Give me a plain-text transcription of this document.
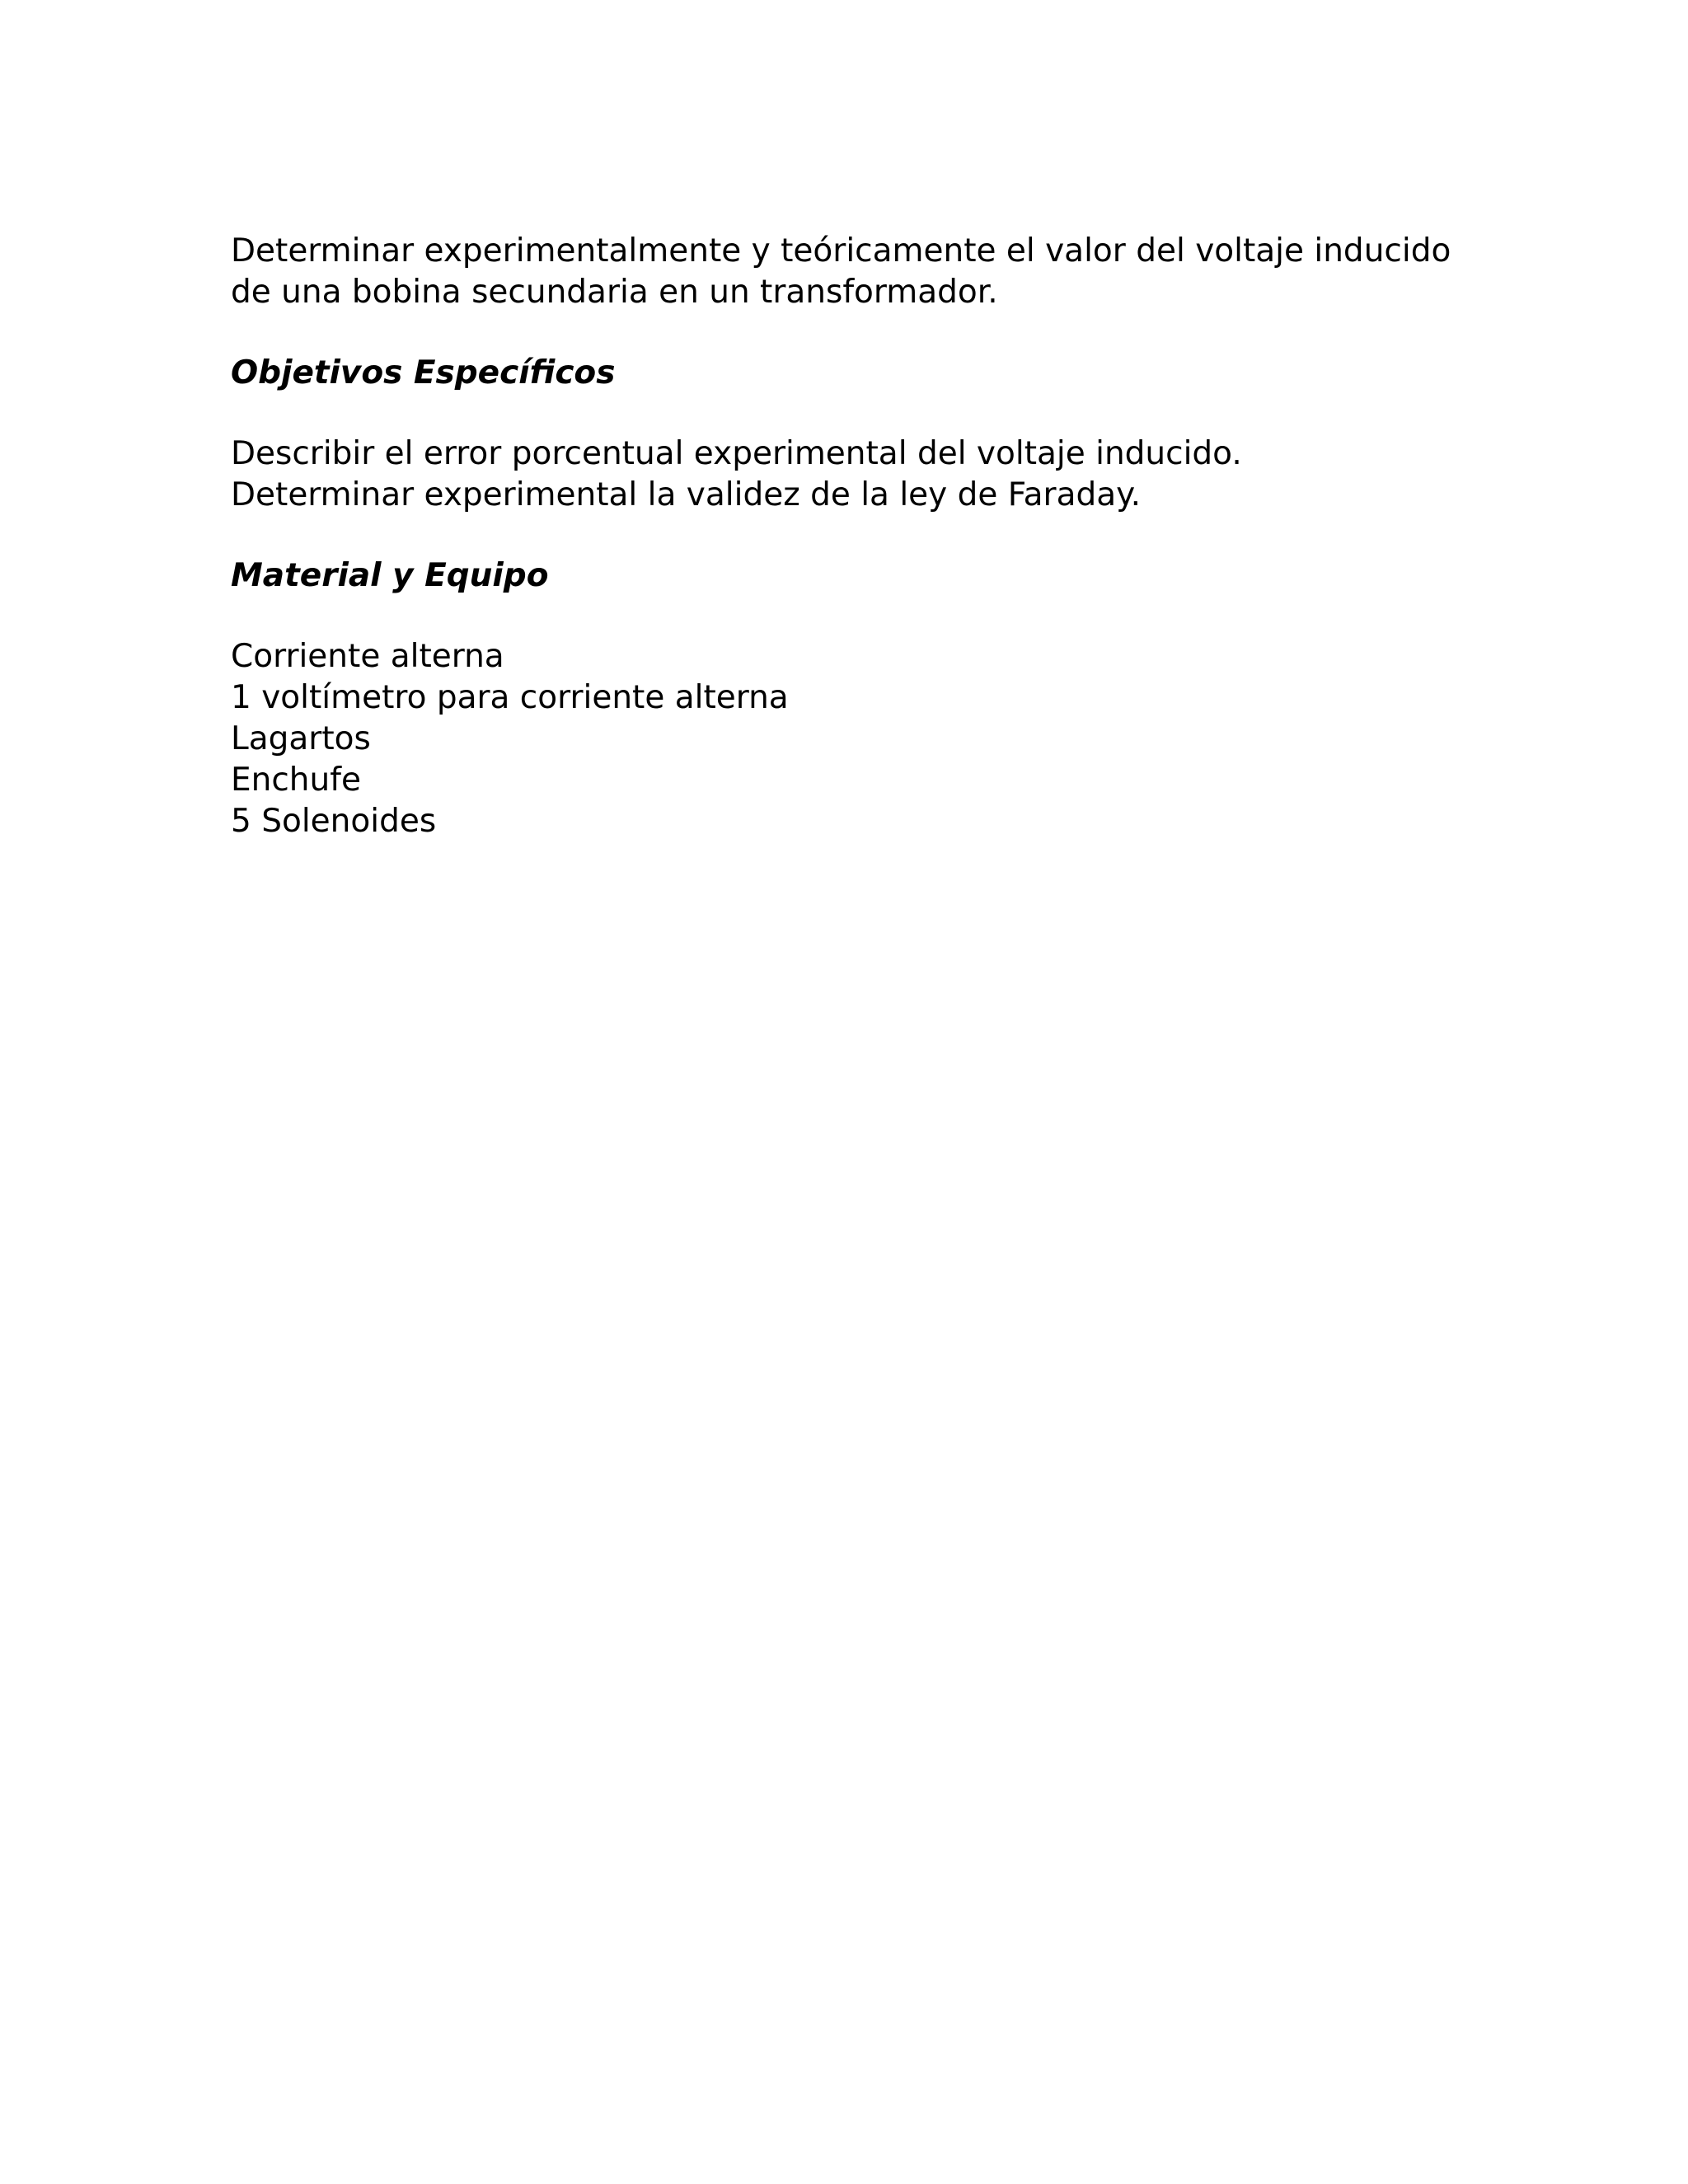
Determinar experimentalmente y teóricamente el valor del voltaje inducido
de una bobina secundaria en un transformador.

Objetivos Específicos
Describir el error porcentual experimental del voltaje inducido.
Determinar experimental la validez de la ley de Faraday.
Material y Equipo
Corriente alterna
1 voltímetro para corriente alterna
Lagartos
Enchufe
5 Solenoides
